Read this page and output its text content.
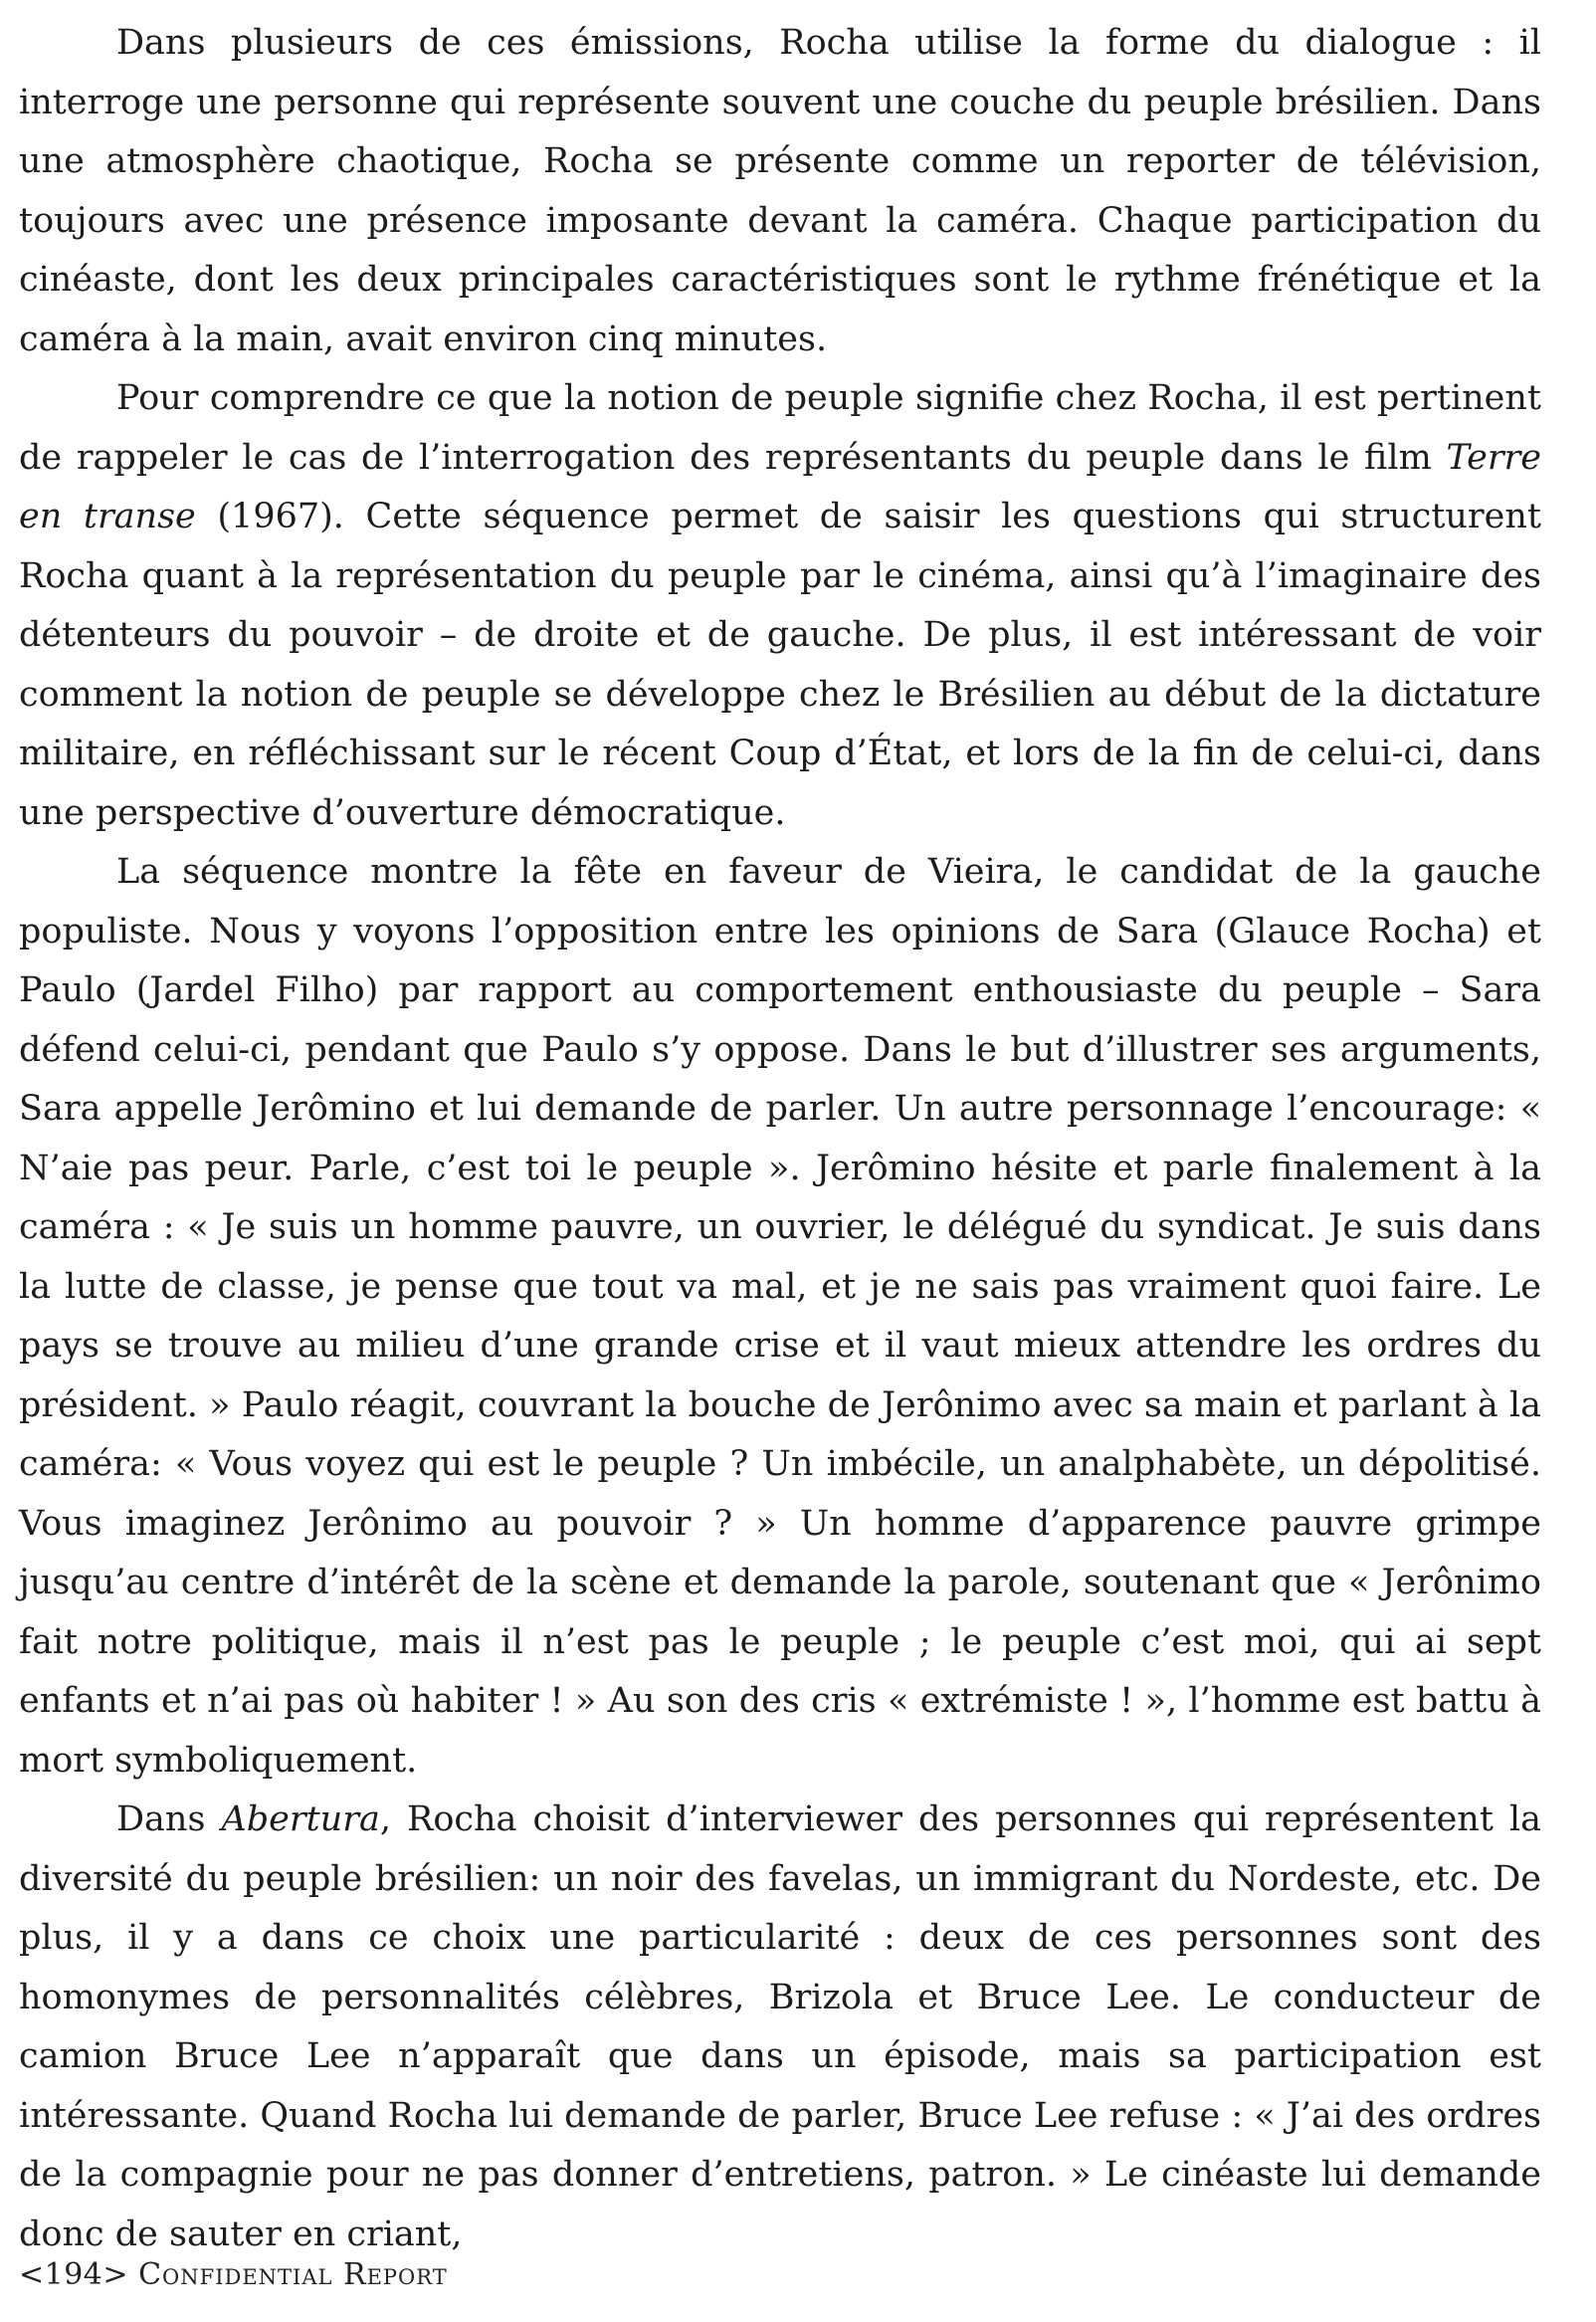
Dans plusieurs de ces émissions, Rocha utilise la forme du dialogue : il interroge une personne qui représente souvent une couche du peuple brésilien. Dans une atmosphère chaotique, Rocha se présente comme un reporter de télévision, toujours avec une présence imposante devant la caméra. Chaque participation du cinéaste, dont les deux principales caractéristiques sont le rythme frénétique et la caméra à la main, avait environ cinq minutes.

Pour comprendre ce que la notion de peuple signifie chez Rocha, il est pertinent de rappeler le cas de l’interrogation des représentants du peuple dans le film Terre en transe (1967). Cette séquence permet de saisir les questions qui structurent Rocha quant à la représentation du peuple par le cinéma, ainsi qu’à l’imaginaire des détenteurs du pouvoir – de droite et de gauche. De plus, il est intéressant de voir comment la notion de peuple se développe chez le Brésilien au début de la dictature militaire, en réfléchissant sur le récent Coup d’État, et lors de la fin de celui-ci, dans une perspective d’ouverture démocratique.

La séquence montre la fête en faveur de Vieira, le candidat de la gauche populiste. Nous y voyons l’opposition entre les opinions de Sara (Glauce Rocha) et Paulo (Jardel Filho) par rapport au comportement enthousiaste du peuple – Sara défend celui-ci, pendant que Paulo s’y oppose. Dans le but d’illustrer ses arguments, Sara appelle Jerômino et lui demande de parler. Un autre personnage l’encourage: « N’aie pas peur. Parle, c’est toi le peuple ». Jerômino hésite et parle finalement à la caméra : « Je suis un homme pauvre, un ouvrier, le délégué du syndicat. Je suis dans la lutte de classe, je pense que tout va mal, et je ne sais pas vraiment quoi faire. Le pays se trouve au milieu d’une grande crise et il vaut mieux attendre les ordres du président. » Paulo réagit, couvrant la bouche de Jerônimo avec sa main et parlant à la caméra: « Vous voyez qui est le peuple ? Un imbécile, un analphabète, un dépolitisé. Vous imaginez Jerônimo au pouvoir ? » Un homme d’apparence pauvre grimpe jusqu’au centre d’intérêt de la scène et demande la parole, soutenant que « Jerônimo fait notre politique, mais il n’est pas le peuple ; le peuple c’est moi, qui ai sept enfants et n’ai pas où habiter ! » Au son des cris « extrémiste ! », l’homme est battu à mort symboliquement.

Dans Abertura, Rocha choisit d’interviewer des personnes qui représentent la diversité du peuple brésilien: un noir des favelas, un immigrant du Nordeste, etc. De plus, il y a dans ce choix une particularité : deux de ces personnes sont des homonymes de personnalités célèbres, Brizola et Bruce Lee. Le conducteur de camion Bruce Lee n’apparaît que dans un épisode, mais sa participation est intéressante. Quand Rocha lui demande de parler, Bruce Lee refuse : « J’ai des ordres de la compagnie pour ne pas donner d’entretiens, patron. » Le cinéaste lui demande donc de sauter en criant,

<194> Confidential Report
